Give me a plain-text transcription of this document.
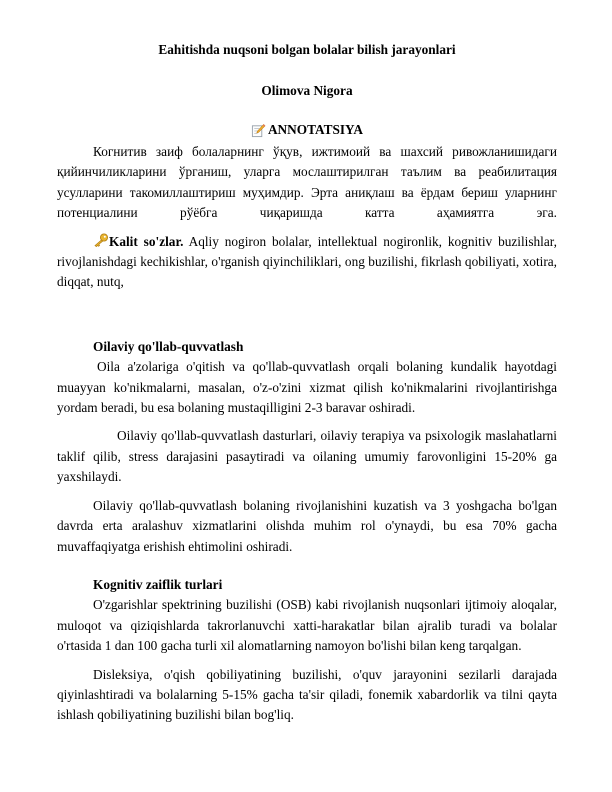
Eahitishda nuqsoni bolgan bolalar bilish jarayonlari
Olimova Nigora
ANNOTATSIYA

Когнитив заиф болаларнинг ўқув, ижтимоий ва шахсий ривожланишидаги қийинчиликларини ўрганиш, уларга мослаштирилган таълим ва реабилитация усулларини такомиллаштириш муҳимдир. Эрта аниқлаш ва ёрдам бериш уларнинг потенциалини рўёбга чиқаришда катта аҳамиятга эга.

Kalit so'zlar. Aqliy nogiron bolalar, intellektual nogironlik, kognitiv buzilishlar, rivojlanishdagi kechikishlar, o'rganish qiyinchiliklari, ong buzilishi, fikrlash qobiliyati, xotira, diqqat, nutq,

Oilaviy qo'llab-quvvatlash

Oila a'zolariga o'qitish va qo'llab-quvvatlash orqali bolaning kundalik hayotdagi muayyan ko'nikmalarni, masalan, o'z-o'zini xizmat qilish ko'nikmalarini rivojlantirishga yordam beradi, bu esa bolaning mustaqilligini 2-3 baravar oshiradi.

Oilaviy qo'llab-quvvatlash dasturlari, oilaviy terapiya va psixologik maslahatlarni taklif qilib, stress darajasini pasaytiradi va oilaning umumiy farovonligini 15-20% ga yaxshilaydi.

Oilaviy qo'llab-quvvatlash bolaning rivojlanishini kuzatish va 3 yoshgacha bo'lgan davrda erta aralashuv xizmatlarini olishda muhim rol o'ynaydi, bu esa 70% gacha muvaffaqiyatga erishish ehtimolini oshiradi.

Kognitiv zaiflik turlari

O'zgarishlar spektrining buzilishi (OSB) kabi rivojlanish nuqsonlari ijtimoiy aloqalar, muloqot va qiziqishlarda takrorlanuvchi xatti-harakatlar bilan ajralib turadi va bolalar o'rtasida 1 dan 100 gacha turli xil alomatlarning namoyon bo'lishi bilan keng tarqalgan.

Disleksiya, o'qish qobiliyatining buzilishi, o'quv jarayonini sezilarli darajada qiyinlashtiradi va bolalarning 5-15% gacha ta'sir qiladi, fonemik xabardorlik va tilni qayta ishlash qobiliyatining buzilishi bilan bog'liq.
